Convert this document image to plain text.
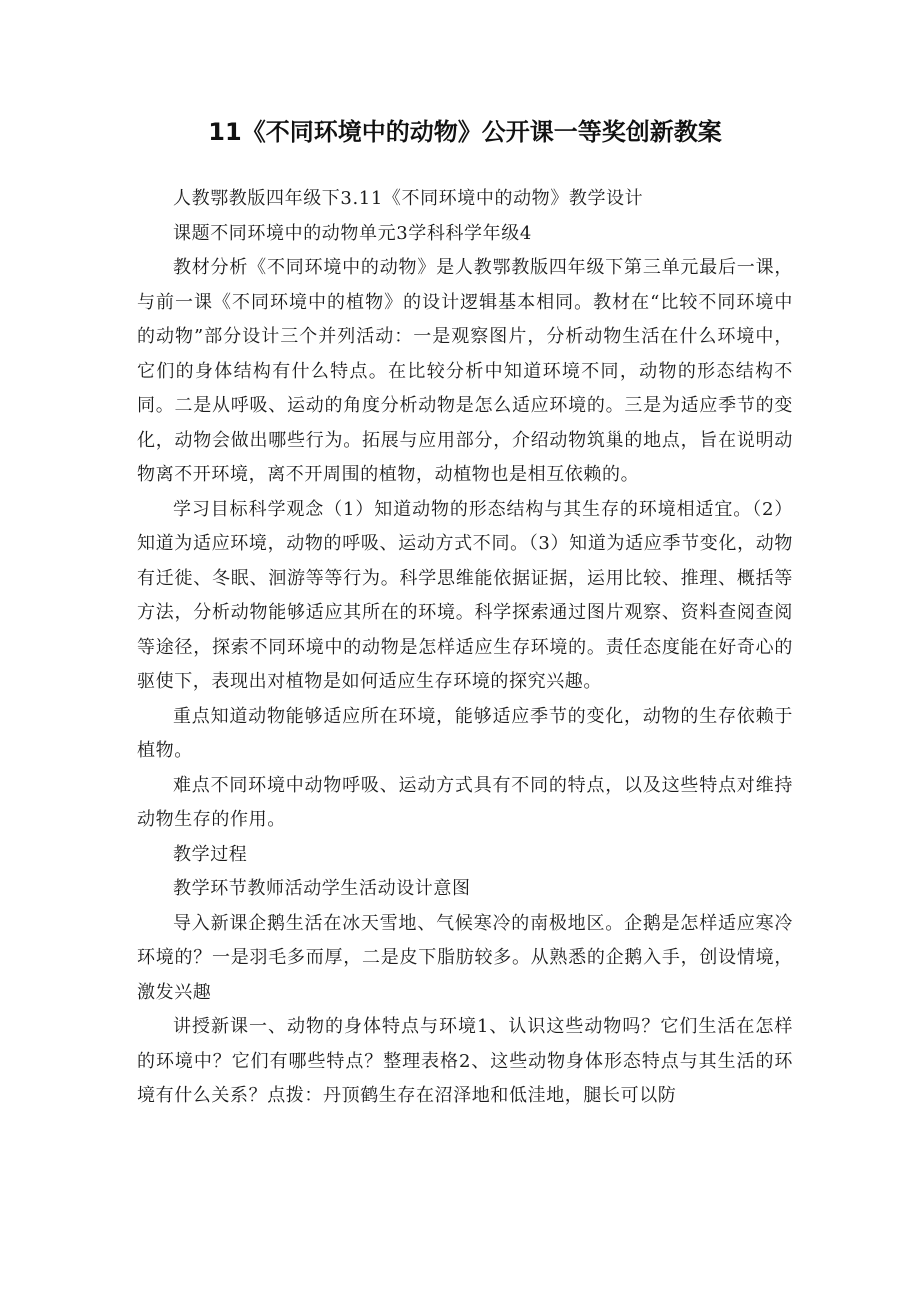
11《不同环境中的动物》公开课一等奖创新教案

人教鄂教版四年级下3.11《不同环境中的动物》教学设计

课题不同环境中的动物单元3学科科学年级4

教材分析《不同环境中的动物》是人教鄂教版四年级下第三单元最后一课，与前一课《不同环境中的植物》的设计逻辑基本相同。教材在“比较不同环境中的动物”部分设计三个并列活动：一是观察图片，分析动物生活在什么环境中，它们的身体结构有什么特点。在比较分析中知道环境不同，动物的形态结构不同。二是从呼吸、运动的角度分析动物是怎么适应环境的。三是为适应季节的变化，动物会做出哪些行为。拓展与应用部分，介绍动物筑巢的地点，旨在说明动物离不开环境，离不开周围的植物，动植物也是相互依赖的。

学习目标科学观念（1）知道动物的形态结构与其生存的环境相适宜。（2）知道为适应环境，动物的呼吸、运动方式不同。（3）知道为适应季节变化，动物有迁徙、冬眠、洄游等等行为。科学思维能依据证据，运用比较、推理、概括等方法，分析动物能够适应其所在的环境。科学探索通过图片观察、资料查阅查阅等途径，探索不同环境中的动物是怎样适应生存环境的。责任态度能在好奇心的驱使下，表现出对植物是如何适应生存环境的探究兴趣。

重点知道动物能够适应所在环境，能够适应季节的变化，动物的生存依赖于植物。

难点不同环境中动物呼吸、运动方式具有不同的特点，以及这些特点对维持动物生存的作用。

教学过程

教学环节教师活动学生活动设计意图

导入新课企鹅生活在冰天雪地、气候寒冷的南极地区。企鹅是怎样适应寒冷环境的？一是羽毛多而厚，二是皮下脂肪较多。从熟悉的企鹅入手，创设情境，激发兴趣

讲授新课一、动物的身体特点与环境1、认识这些动物吗？它们生活在怎样的环境中？它们有哪些特点？整理表格2、这些动物身体形态特点与其生活的环境有什么关系？点拨：丹顶鹤生存在沼泽地和低洼地，腿长可以防
